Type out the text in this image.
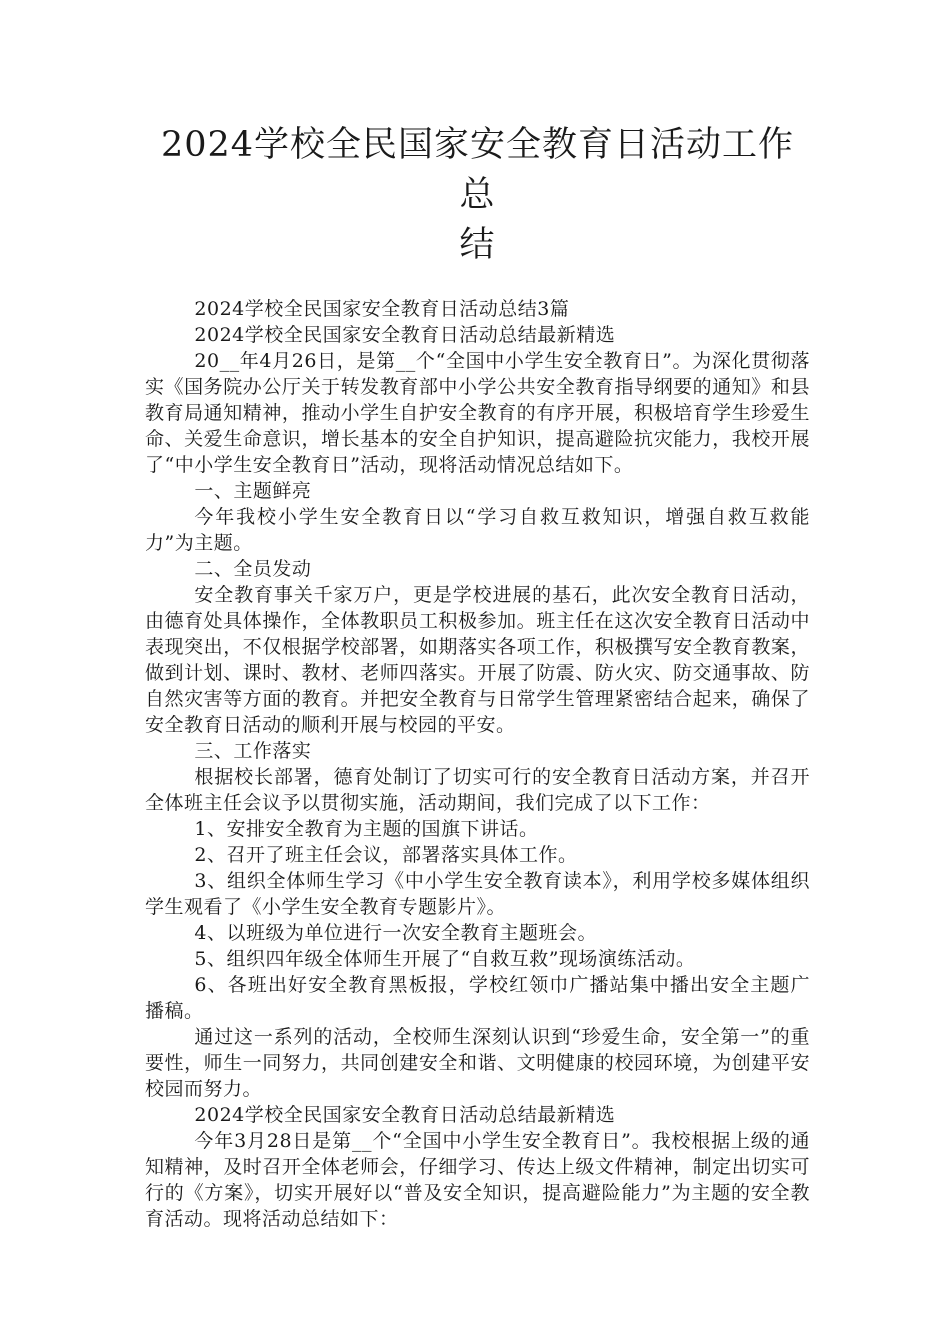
2024学校全民国家安全教育日活动工作总
结

2024学校全民国家安全教育日活动总结3篇

2024学校全民国家安全教育日活动总结最新精选

20__年4月26日，是第__个“全国中小学生安全教育日”。为深化贯彻落实《国务院办公厅关于转发教育部中小学公共安全教育指导纲要的通知》和县教育局通知精神，推动小学生自护安全教育的有序开展，积极培育学生珍爱生命、关爱生命意识，增长基本的安全自护知识，提高避险抗灾能力，我校开展了“中小学生安全教育日”活动，现将活动情况总结如下。

一、主题鲜亮

今年我校小学生安全教育日以“学习自救互救知识，增强自救互救能力”为主题。

二、全员发动

安全教育事关千家万户，更是学校进展的基石，此次安全教育日活动，由德育处具体操作，全体教职员工积极参加。班主任在这次安全教育日活动中表现突出，不仅根据学校部署，如期落实各项工作，积极撰写安全教育教案，做到计划、课时、教材、老师四落实。开展了防震、防火灾、防交通事故、防自然灾害等方面的教育。并把安全教育与日常学生管理紧密结合起来，确保了安全教育日活动的顺利开展与校园的平安。

三、工作落实

根据校长部署，德育处制订了切实可行的安全教育日活动方案，并召开全体班主任会议予以贯彻实施，活动期间，我们完成了以下工作：

1、安排安全教育为主题的国旗下讲话。

2、召开了班主任会议，部署落实具体工作。

3、组织全体师生学习《中小学生安全教育读本》，利用学校多媒体组织学生观看了《小学生安全教育专题影片》。

4、以班级为单位进行一次安全教育主题班会。

5、组织四年级全体师生开展了“自救互救”现场演练活动。

6、各班出好安全教育黑板报，学校红领巾广播站集中播出安全主题广播稿。

通过这一系列的活动，全校师生深刻认识到“珍爱生命，安全第一”的重要性，师生一同努力，共同创建安全和谐、文明健康的校园环境，为创建平安校园而努力。

2024学校全民国家安全教育日活动总结最新精选

今年3月28日是第__个“全国中小学生安全教育日”。我校根据上级的通知精神，及时召开全体老师会，仔细学习、传达上级文件精神，制定出切实可行的《方案》，切实开展好以“普及安全知识，提高避险能力”为主题的安全教育活动。现将活动总结如下：
